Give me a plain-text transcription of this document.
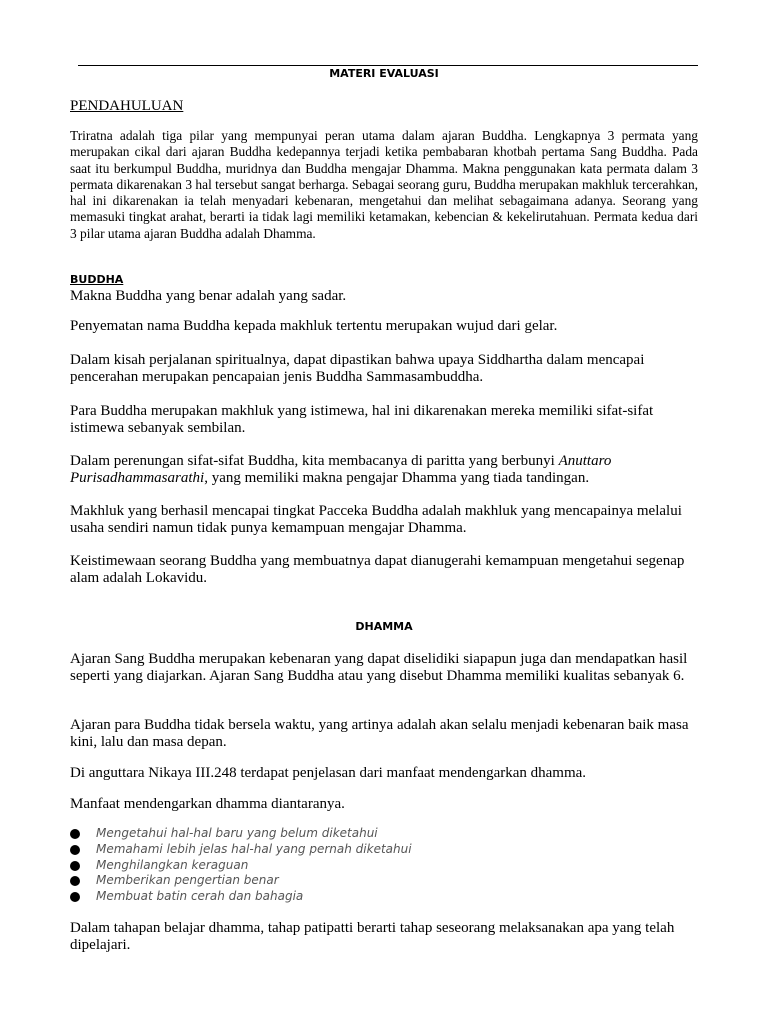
MATERI EVALUASI
PENDAHULUAN

Triratna adalah tiga pilar yang mempunyai peran utama dalam ajaran Buddha. Lengkapnya 3 permata yang merupakan cikal dari ajaran Buddha kedepannya terjadi ketika pembabaran khotbah pertama Sang Buddha. Pada saat itu berkumpul Buddha, muridnya dan Buddha mengajar Dhamma. Makna penggunakan kata permata dalam 3 permata dikarenakan 3 hal tersebut sangat berharga. Sebagai seorang guru, Buddha merupakan makhluk tercerahkan, hal ini dikarenakan ia telah menyadari kebenaran, mengetahui dan melihat sebagaimana adanya. Seorang yang memasuki tingkat arahat, berarti ia tidak lagi memiliki ketamakan, kebencian & kekelirutahuan. Permata kedua dari 3 pilar utama ajaran Buddha adalah Dhamma.

BUDDHA

Makna Buddha yang benar adalah yang sadar.

Penyematan nama Buddha kepada makhluk tertentu merupakan wujud dari gelar.

Dalam kisah perjalanan spiritualnya, dapat dipastikan bahwa upaya Siddhartha dalam mencapai pencerahan merupakan pencapaian jenis Buddha Sammasambuddha.

Para Buddha merupakan makhluk yang istimewa, hal ini dikarenakan mereka memiliki sifat-sifat istimewa sebanyak sembilan.

Dalam perenungan sifat-sifat Buddha, kita membacanya di paritta yang berbunyi Anuttaro Purisadhammasarathi, yang memiliki makna pengajar Dhamma yang tiada tandingan.

Makhluk yang berhasil mencapai tingkat Pacceka Buddha adalah makhluk yang mencapainya melalui usaha sendiri namun tidak punya kemampuan mengajar Dhamma.

Keistimewaan seorang Buddha yang membuatnya dapat dianugerahi kemampuan mengetahui segenap alam adalah Lokavidu.

DHAMMA

Ajaran Sang Buddha merupakan kebenaran yang dapat diselidiki siapapun juga dan mendapatkan hasil seperti yang diajarkan. Ajaran Sang Buddha atau yang disebut Dhamma memiliki kualitas sebanyak 6.

Ajaran para Buddha tidak bersela waktu, yang artinya adalah akan selalu menjadi kebenaran baik masa kini, lalu dan masa depan.

Di anguttara Nikaya III.248 terdapat penjelasan dari manfaat mendengarkan dhamma.

Manfaat mendengarkan dhamma diantaranya.

Mengetahui hal-hal baru yang belum diketahui
Memahami lebih jelas hal-hal yang pernah diketahui
Menghilangkan keraguan
Memberikan pengertian benar
Membuat batin cerah dan bahagia

Dalam tahapan belajar dhamma, tahap patipatti berarti tahap seseorang melaksanakan apa yang telah dipelajari.
